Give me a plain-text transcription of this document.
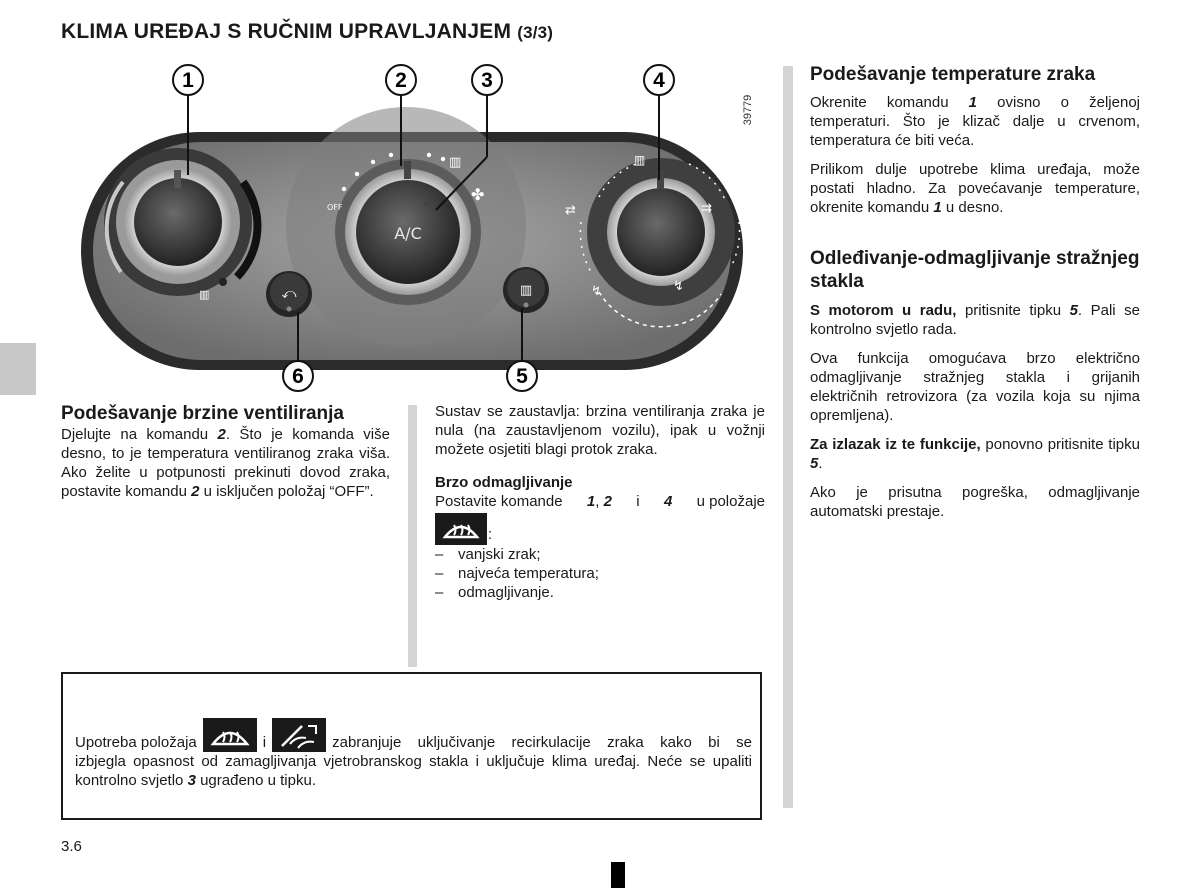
KLIMA UREĐAJ S RUČNIM UPRAVLJANJEM (3/3)
▥
A/C
OFF
▥
✤
▥
⇄	⇉
↯	↯
⤺	▥
1	2	3	4
5
6
39779
Podešavanje brzine ventiliranja

Djelujte na komandu 2. Što je komanda više desno, to je temperatura ventiliranog zraka viša. Ako želite u potpunosti prekinuti dovod zraka, postavite komandu 2 u isključen položaj “OFF”.

Sustav se zaustavlja: brzina ventiliranja zraka je nula (na zaustavljenom vozilu), ipak u vožnji možete osjetiti blagi protok zraka.

Brzo odmagljivanje
Postavite komande 1, 2 i 4 u položaje
:
– vanjski zrak;
– najveća temperatura;
– odmagljivanje.
Podešavanje temperature zraka

Okrenite komandu 1 ovisno o željenoj temperaturi. Što je klizač dalje u crvenom, temperatura će biti veća.

Prilikom dulje upotrebe klima uređaja, može postati hladno. Za povećavanje temperature, okrenite komandu 1 u desno.

Odleđivanje-odmagljivanje stražnjeg stakla

S motorom u radu, pritisnite tipku 5. Pali se kontrolno svjetlo rada.

Ova funkcija omogućava brzo električno odmagljivanje stražnjeg stakla i grijanih električnih retrovizora (za vozila koja su njima opremljena).

Za izlazak iz te funkcije, ponovno pritisnite tipku 5.

Ako je prisutna pogreška, odmagljivanje automatski prestaje.

Upotreba položaja	i	zabranjuje uključivanje recirkulacije zraka kako bi se

izbjegla opasnost od zamagljivanja vjetrobranskog stakla i uključuje klima uređaj. Neće se upaliti kontrolno svjetlo 3 ugrađeno u tipku.

3.6
